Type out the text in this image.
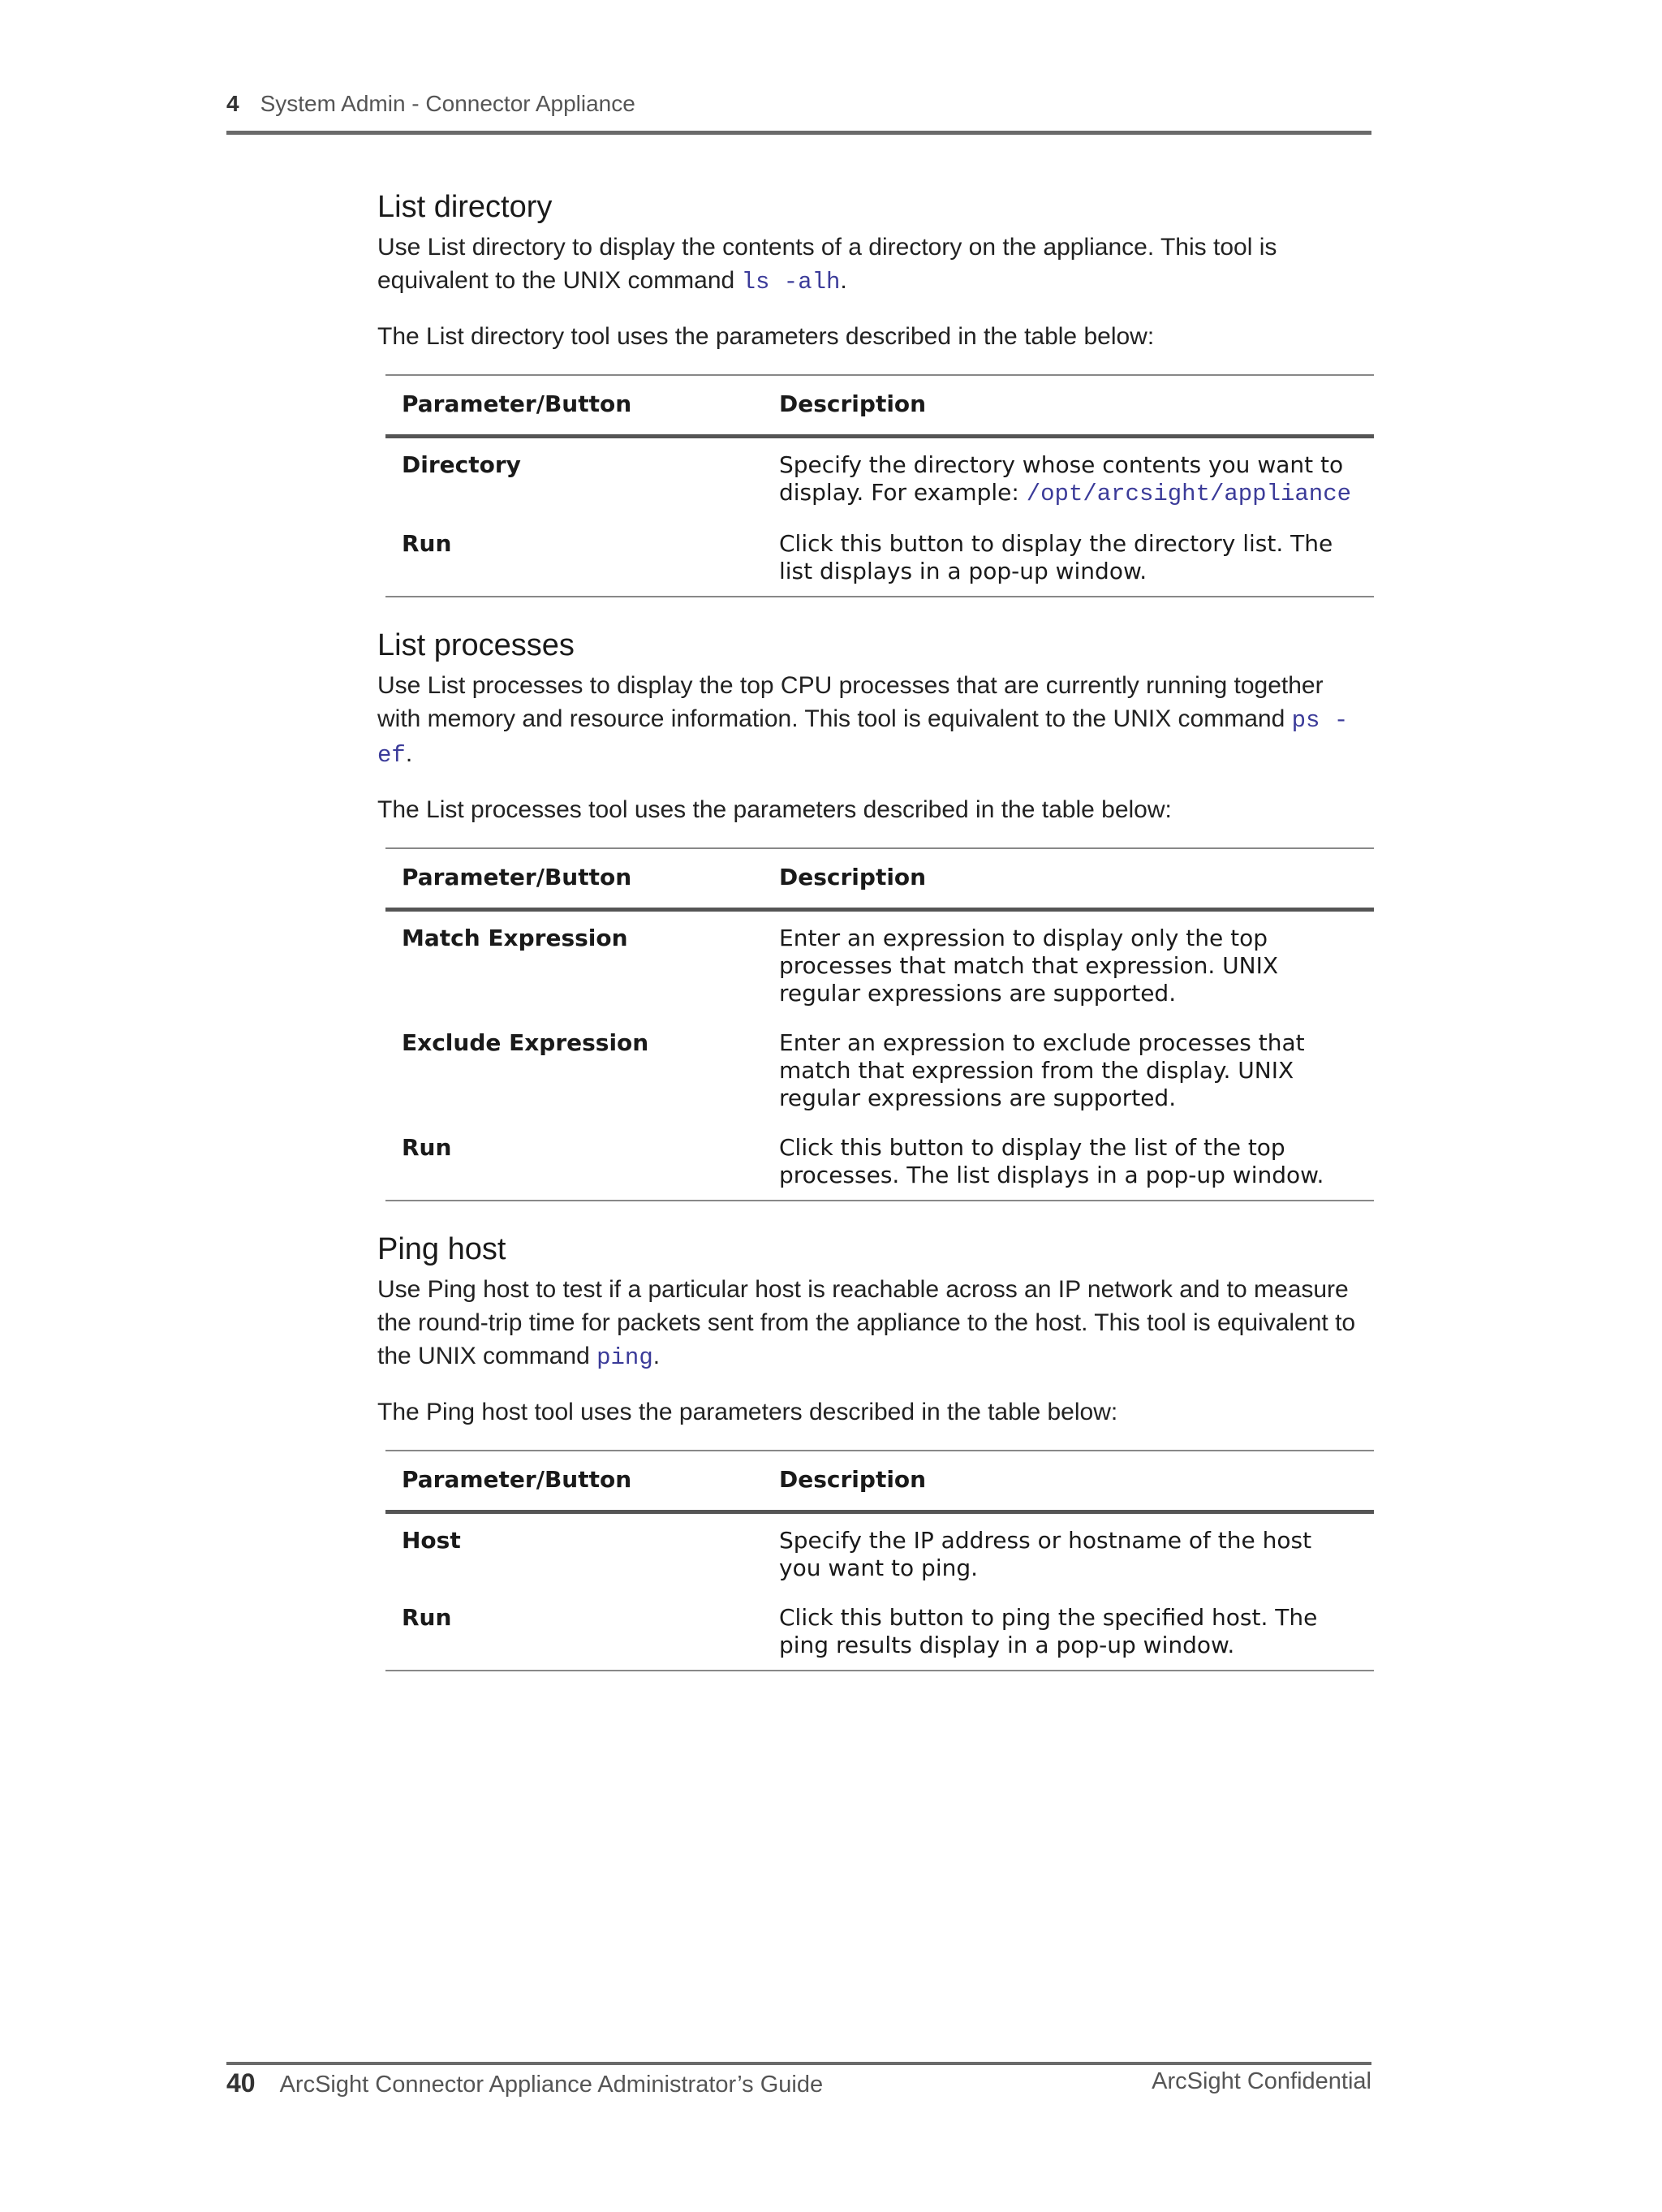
4 System Admin - Connector Appliance
List directory

Use List directory to display the contents of a directory on the appliance. This tool is equivalent to the UNIX command ls -alh.

The List directory tool uses the parameters described in the table below:

Parameter/Button	Description
Directory	Specify the directory whose contents you want to display. For example: /opt/arcsight/appliance
Run	Click this button to display the directory list. The list displays in a pop-up window.
List processes

Use List processes to display the top CPU processes that are currently running together with memory and resource information. This tool is equivalent to the UNIX command ps -ef.

The List processes tool uses the parameters described in the table below:

Parameter/Button	Description
Match Expression	Enter an expression to display only the top processes that match that expression. UNIX regular expressions are supported.
Exclude Expression	Enter an expression to exclude processes that match that expression from the display. UNIX regular expressions are supported.
Run	Click this button to display the list of the top processes. The list displays in a pop-up window.
Ping host

Use Ping host to test if a particular host is reachable across an IP network and to measure the round-trip time for packets sent from the appliance to the host. This tool is equivalent to the UNIX command ping.

The Ping host tool uses the parameters described in the table below:

Parameter/Button	Description
Host	Specify the IP address or hostname of the host you want to ping.
Run	Click this button to ping the specified host. The ping results display in a pop-up window.
40 ArcSight Connector Appliance Administrator’s Guide	ArcSight Confidential
